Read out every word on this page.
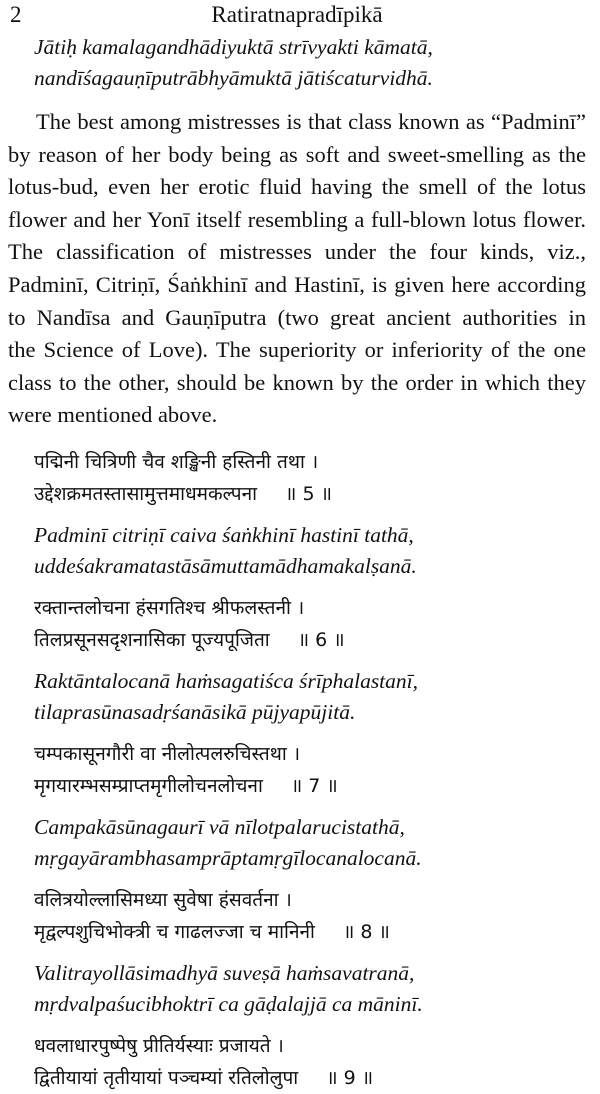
2	Ratiratnapradīpikā
Jātiḥ kamalagandhādiyuktā strīvyakti kāmatā,
nandīśagauṇīputrābhyāmuktā jātiścaturvidhā.
The best among mistresses is that class known as “Padminī”
by reason of her body being as soft and sweet-smelling as the
lotus-bud, even her erotic fluid having the smell of the lotus
flower and her Yonī itself resembling a full-blown lotus flower.
The classification of mistresses under the four kinds, viz.,
Padminī, Citriṇī, Śaṅkhinī and Hastinī, is given here according
to Nandīsa and Gauṇīputra (two great ancient authorities in
the Science of Love). The superiority or inferiority of the one
class to the other, should be known by the order in which they
were mentioned above.
पद्मिनी चित्रिणी चैव शङ्खिनी हस्तिनी तथा ।
उद्देशक्रमतस्तासामुत्तमाधमकल्पना ॥ 5 ॥
Padminī citriṇī caiva śaṅkhinī hastinī tathā,
uddeśakramatastāsāmuttamādhamakalṣanā.
रक्तान्तलोचना हंसगतिश्च श्रीफलस्तनी ।
तिलप्रसूनसदृशनासिका पूज्यपूजिता ॥ 6 ॥
Raktāntalocanā haṁsagatiśca śrīphalastanī,
tilaprasūnasadṛśanāsikā pūjyapūjitā.
चम्पकासूनगौरी वा नीलोत्पलरुचिस्तथा ।
मृगयारम्भसम्प्राप्तमृगीलोचनलोचना ॥ 7 ॥
Campakāsūnagaurī vā nīlotpalarucistathā,
mṛgayārambhasamprāptamṛgīlocanalocanā.
वलित्रयोल्लासिमध्या सुवेषा हंसवर्तना ।
मृद्वल्पशुचिभोक्त्री च गाढलज्जा च मानिनी ॥ 8 ॥
Valitrayollāsimadhyā suveṣā haṁsavatranā,
mṛdvalpaśucibhoktrī ca gāḍalajjā ca māninī.
धवलाधारपुष्पेषु प्रीतिर्यस्याः प्रजायते ।
द्वितीयायां तृतीयायां पञ्चम्यां रतिलोलुपा ॥ 9 ॥
